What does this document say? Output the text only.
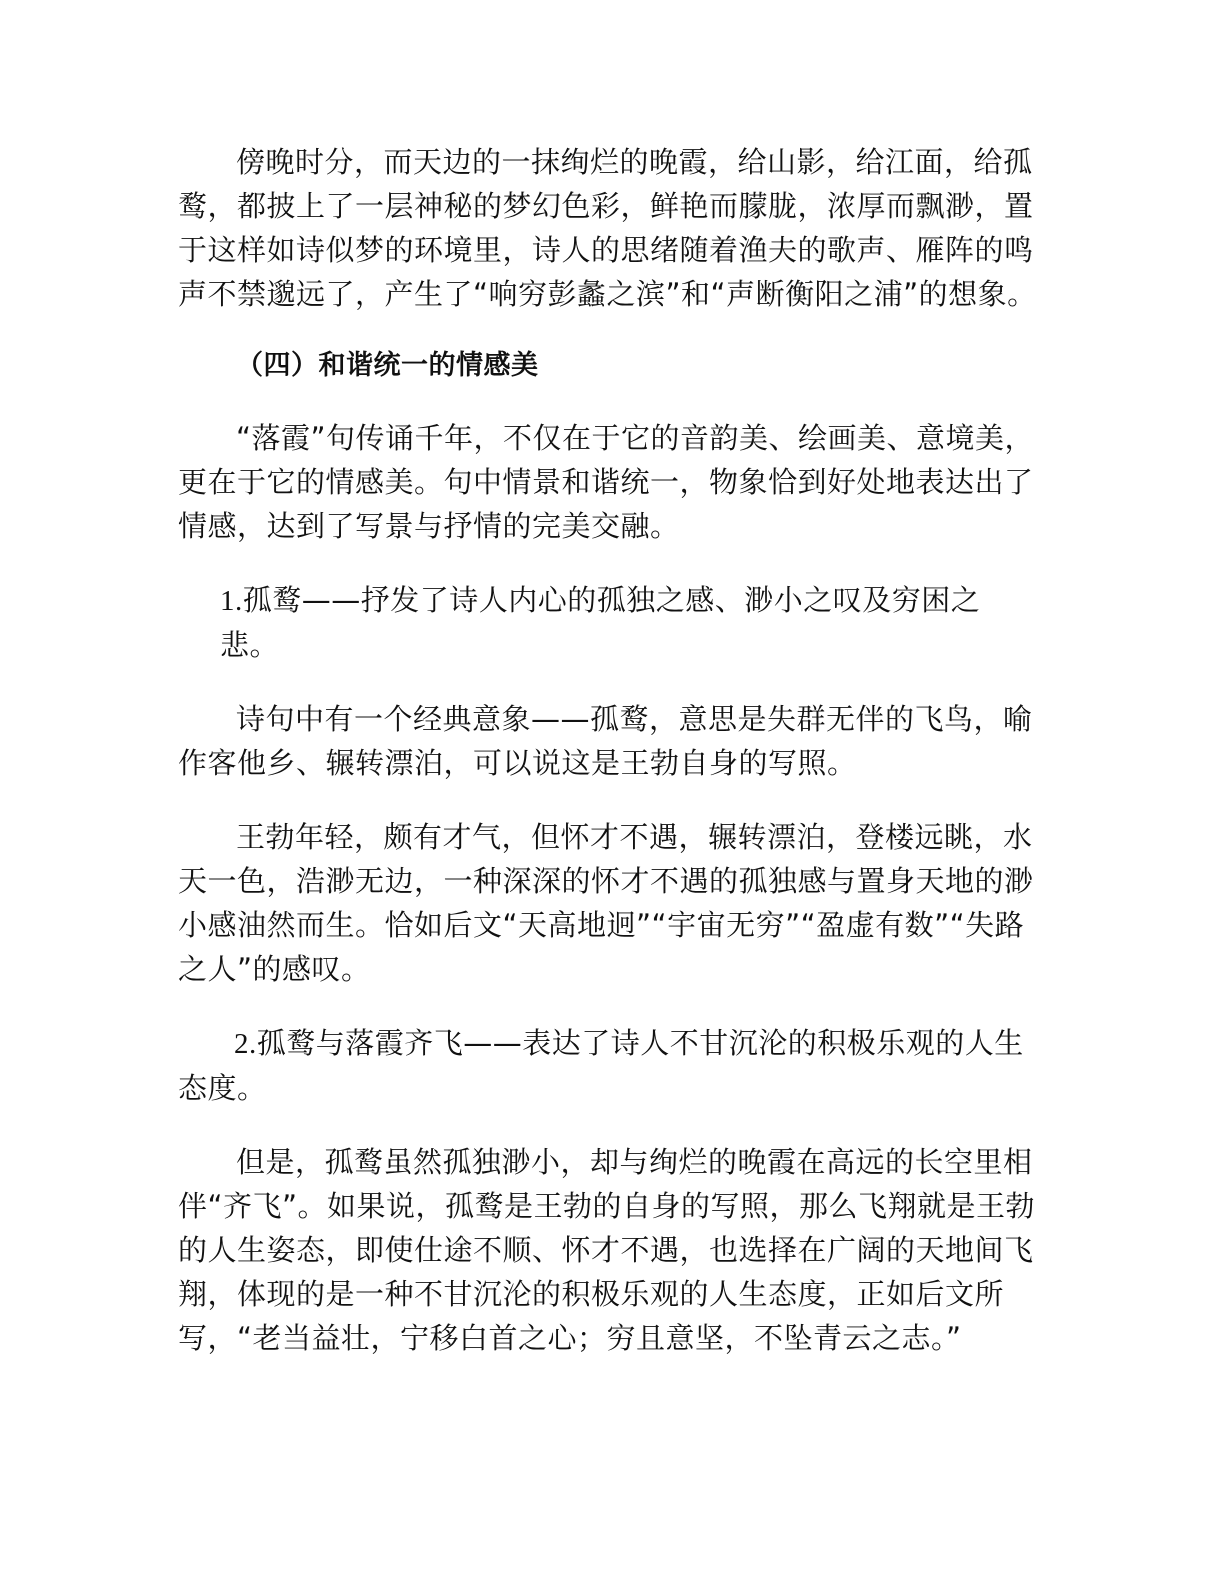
傍晚时分，而天边的一抹绚烂的晚霞，给山影，给江面，给孤鹜，都披上了一层神秘的梦幻色彩，鲜艳而朦胧，浓厚而飘渺，置于这样如诗似梦的环境里，诗人的思绪随着渔夫的歌声、雁阵的鸣声不禁邈远了，产生了“响穷彭蠡之滨”和“声断衡阳之浦”的想象。

（四）和谐统一的情感美

“落霞”句传诵千年，不仅在于它的音韵美、绘画美、意境美，更在于它的情感美。句中情景和谐统一，物象恰到好处地表达出了情感，达到了写景与抒情的完美交融。

1.孤鹜——抒发了诗人内心的孤独之感、渺小之叹及穷困之悲。

诗句中有一个经典意象——孤鹜，意思是失群无伴的飞鸟，喻作客他乡、辗转漂泊，可以说这是王勃自身的写照。

王勃年轻，颇有才气，但怀才不遇，辗转漂泊，登楼远眺，水天一色，浩渺无边，一种深深的怀才不遇的孤独感与置身天地的渺小感油然而生。恰如后文“天高地迥”“宇宙无穷”“盈虚有数”“失路之人”的感叹。

2.孤鹜与落霞齐飞——表达了诗人不甘沉沦的积极乐观的人生态度。

但是，孤鹜虽然孤独渺小，却与绚烂的晚霞在高远的长空里相伴“齐飞”。如果说，孤鹜是王勃的自身的写照，那么飞翔就是王勃的人生姿态，即使仕途不顺、怀才不遇，也选择在广阔的天地间飞翔，体现的是一种不甘沉沦的积极乐观的人生态度，正如后文所写，“老当益壮，宁移白首之心；穷且意坚，不坠青云之志。”
